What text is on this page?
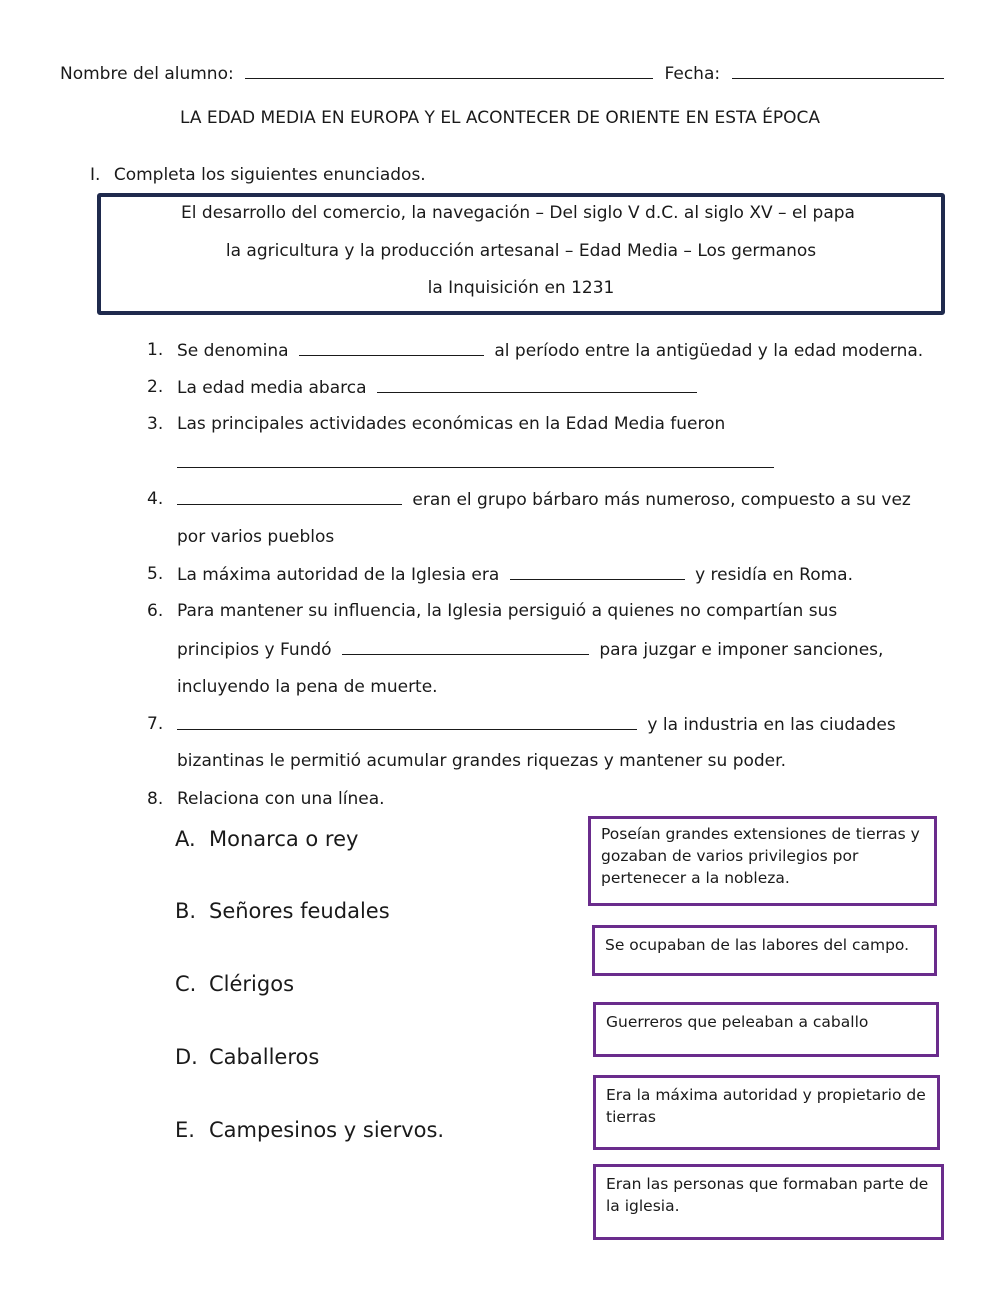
Nombre del alumno:	Fecha:
LA EDAD MEDIA EN EUROPA Y EL ACONTECER DE ORIENTE EN ESTA ÉPOCA
I. Completa los siguientes enunciados.
El desarrollo del comercio, la navegación – Del siglo V d.C. al siglo XV – el papa
la agricultura y la producción artesanal – Edad Media – Los germanos
la Inquisición en 1231
1. Se denomina	al período entre la antigüedad y la edad moderna.
2. La edad media abarca
3. Las principales actividades económicas en la Edad Media fueron
4.	eran el grupo bárbaro más numeroso, compuesto a su vez
por varios pueblos
5. La máxima autoridad de la Iglesia era	y residía en Roma.
6. Para mantener su influencia, la Iglesia persiguió a quienes no compartían sus
principios y Fundó	para juzgar e imponer sanciones,
incluyendo la pena de muerte.
7.	y la industria en las ciudades
bizantinas le permitió acumular grandes riquezas y mantener su poder.
8. Relaciona con una línea.
A. Monarca o rey
B. Señores feudales
C. Clérigos
D. Caballeros
E. Campesinos y siervos.
Poseían grandes extensiones de tierras y gozaban de varios privilegios por pertenecer a la nobleza.
Se ocupaban de las labores del campo.
Guerreros que peleaban a caballo
Era la máxima autoridad y propietario de tierras
Eran las personas que formaban parte de la iglesia.
